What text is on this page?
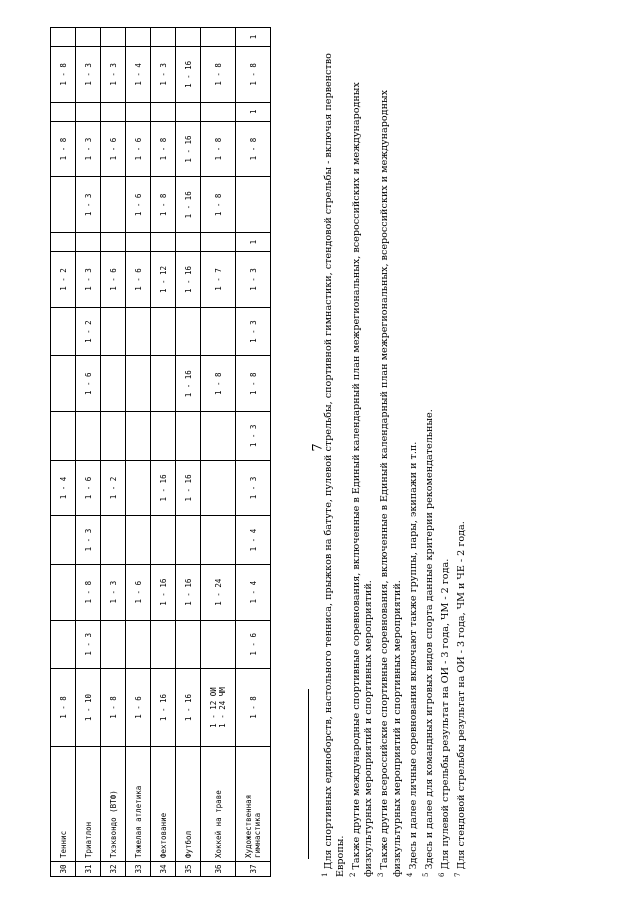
7
30	Теннис	1 - 8				1 - 4				1 - 2			1 - 8		1 - 8	

31	Триатлон	1 - 10	1 - 3	1 - 8	1 - 3	1 - 6		1 - 6	1 - 2	1 - 3		1 - 3	1 - 3		1 - 3	

32	Тхэквондо (ВТФ)	1 - 8		1 - 3		1 - 2				1 - 6			1 - 6		1 - 3	

33	Тяжелая атлетика	1 - 6		1 - 6						1 - 6		1 - 6	1 - 6		1 - 4	

34	Фехтование	1 - 16		1 - 16		1 - 16				1 - 12		1 - 8	1 - 8		1 - 3	

35	Футбол	1 - 16		1 - 16		1 - 16		1 - 16		1 - 16		1 - 16	1 - 16		1 - 16	

36	Хоккей на траве	1 - 12 ОИ 1 - 24 ЧМ		1 - 24				1 - 8		1 - 7		1 - 8	1 - 8		1 - 8	

37	Художественная гимнастика	1 - 8	1 - 6	1 - 4	1 - 4	1 - 3	1 - 3	1 - 8	1 - 3	1 - 3	1		1 - 8	1	1 - 8	1

$^1$ Для спортивных единоборств, настольного тенниса, прыжков на батуте, пулевой стрельбы, спортивной гимнастики, стендовой стрельбы - включая первенство Европы. $^2$ Также другие международные спортивные соревнования, включенные в Единый календарный план межрегиональных, всероссийских и международных физкультурных мероприятий и спортивных мероприятий. $^3$ Также другие всероссийские спортивные соревнования, включенные в Единый календарный план межрегиональных, всероссийских и международных физкультурных мероприятий и спортивных мероприятий. $^4$ Здесь и далее личные соревнования включают также группы, пары, экипажи и т.п.

$^5$ Здесь и далее для командных игровых видов спорта данные критерии рекомендательные.

$^6$ Для пулевой стрельбы результат на ОИ - 3 года, ЧМ - 2 года.

$^7$ Для стендовой стрельбы результат на ОИ - 3 года, ЧМ и ЧЕ - 2 года.
